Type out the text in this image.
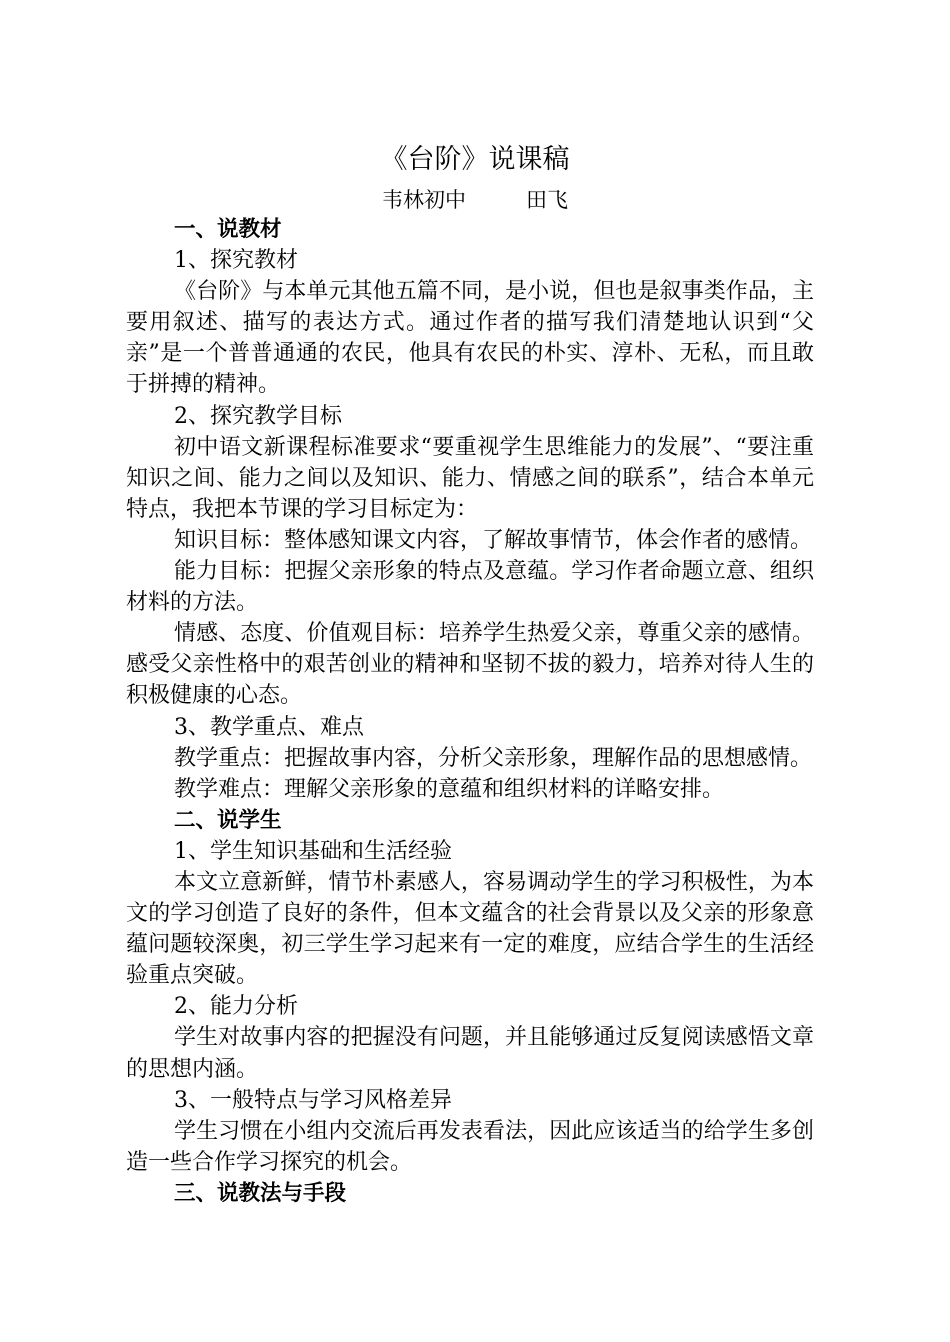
《台阶》说课稿
韦林初中	田飞
一、说教材
1、探究教材
《台阶》与本单元其他五篇不同，是小说，但也是叙事类作品，主要用叙述、描写的表达方式。通过作者的描写我们清楚地认识到“父亲”是一个普普通通的农民，他具有农民的朴实、淳朴、无私，而且敢于拼搏的精神。
2、探究教学目标
初中语文新课程标准要求“要重视学生思维能力的发展”、“要注重知识之间、能力之间以及知识、能力、情感之间的联系”，结合本单元特点，我把本节课的学习目标定为：
知识目标：整体感知课文内容，了解故事情节，体会作者的感情。
能力目标：把握父亲形象的特点及意蕴。学习作者命题立意、组织材料的方法。
情感、态度、价值观目标：培养学生热爱父亲，尊重父亲的感情。感受父亲性格中的艰苦创业的精神和坚韧不拔的毅力，培养对待人生的积极健康的心态。
3、教学重点、难点
教学重点：把握故事内容，分析父亲形象，理解作品的思想感情。
教学难点：理解父亲形象的意蕴和组织材料的详略安排。
二、说学生
1、学生知识基础和生活经验
本文立意新鲜，情节朴素感人，容易调动学生的学习积极性，为本文的学习创造了良好的条件，但本文蕴含的社会背景以及父亲的形象意蕴问题较深奥，初三学生学习起来有一定的难度，应结合学生的生活经验重点突破。
2、能力分析
学生对故事内容的把握没有问题，并且能够通过反复阅读感悟文章的思想内涵。
3、一般特点与学习风格差异
学生习惯在小组内交流后再发表看法，因此应该适当的给学生多创造一些合作学习探究的机会。
三、说教法与手段
